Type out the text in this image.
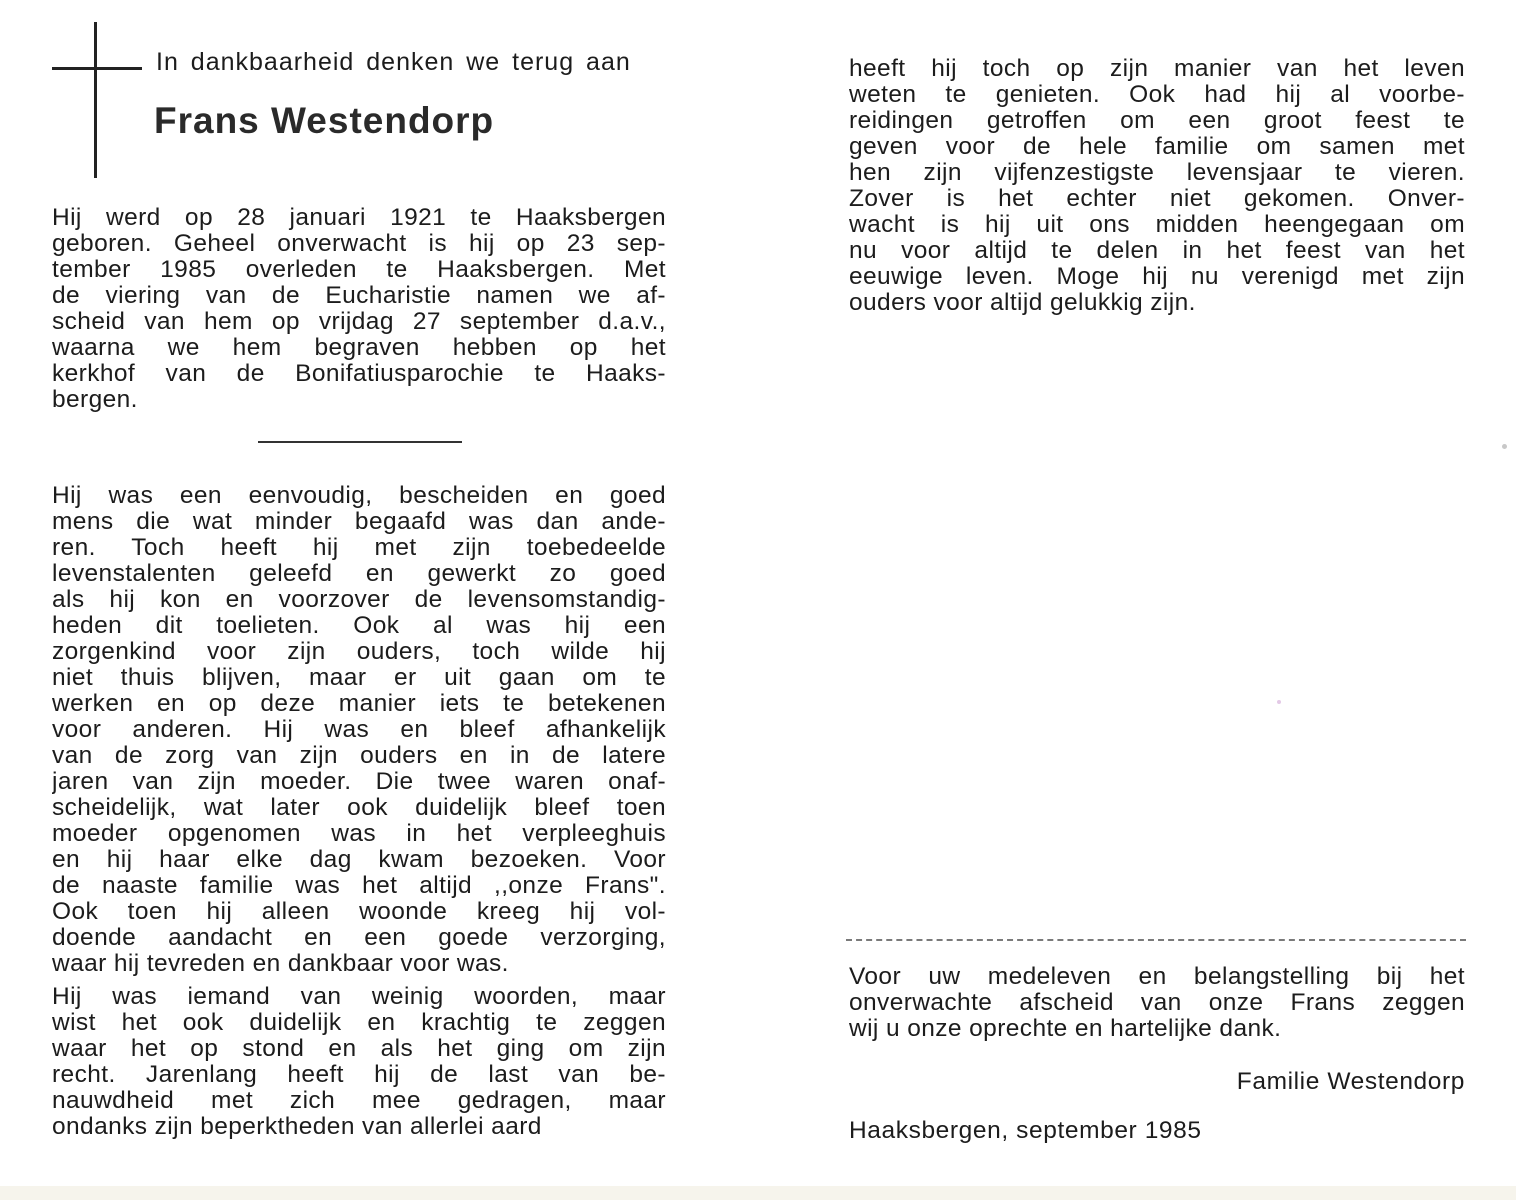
In dankbaarheid denken we terug aan
Frans Westendorp

Hij werd op 28 januari 1921 te Haaksbergen
geboren. Geheel onverwacht is hij op 23 sep-
tember 1985 overleden te Haaksbergen. Met
de viering van de Eucharistie namen we af-
scheid van hem op vrijdag 27 september d.a.v.,
waarna we hem begraven hebben op het
kerkhof van de Bonifatiusparochie te Haaks-
bergen.

Hij was een eenvoudig, bescheiden en goed
mens die wat minder begaafd was dan ande-
ren. Toch heeft hij met zijn toebedeelde
levenstalenten geleefd en gewerkt zo goed
als hij kon en voorzover de levensomstandig-
heden dit toelieten. Ook al was hij een
zorgenkind voor zijn ouders, toch wilde hij
niet thuis blijven, maar er uit gaan om te
werken en op deze manier iets te betekenen
voor anderen. Hij was en bleef afhankelijk
van de zorg van zijn ouders en in de latere
jaren van zijn moeder. Die twee waren onaf-
scheidelijk, wat later ook duidelijk bleef toen
moeder opgenomen was in het verpleeghuis
en hij haar elke dag kwam bezoeken. Voor
de naaste familie was het altijd ,,onze Frans".
Ook toen hij alleen woonde kreeg hij vol-
doende aandacht en een goede verzorging,
waar hij tevreden en dankbaar voor was.

Hij was iemand van weinig woorden, maar
wist het ook duidelijk en krachtig te zeggen
waar het op stond en als het ging om zijn
recht. Jarenlang heeft hij de last van be-
nauwdheid met zich mee gedragen, maar
ondanks zijn beperktheden van allerlei aard

heeft hij toch op zijn manier van het leven
weten te genieten. Ook had hij al voorbe-
reidingen getroffen om een groot feest te
geven voor de hele familie om samen met
hen zijn vijfenzestigste levensjaar te vieren.
Zover is het echter niet gekomen. Onver-
wacht is hij uit ons midden heengegaan om
nu voor altijd te delen in het feest van het
eeuwige leven. Moge hij nu verenigd met zijn
ouders voor altijd gelukkig zijn.

Voor uw medeleven en belangstelling bij het
onverwachte afscheid van onze Frans zeggen
wij u onze oprechte en hartelijke dank.

Familie Westendorp
Haaksbergen, september 1985
